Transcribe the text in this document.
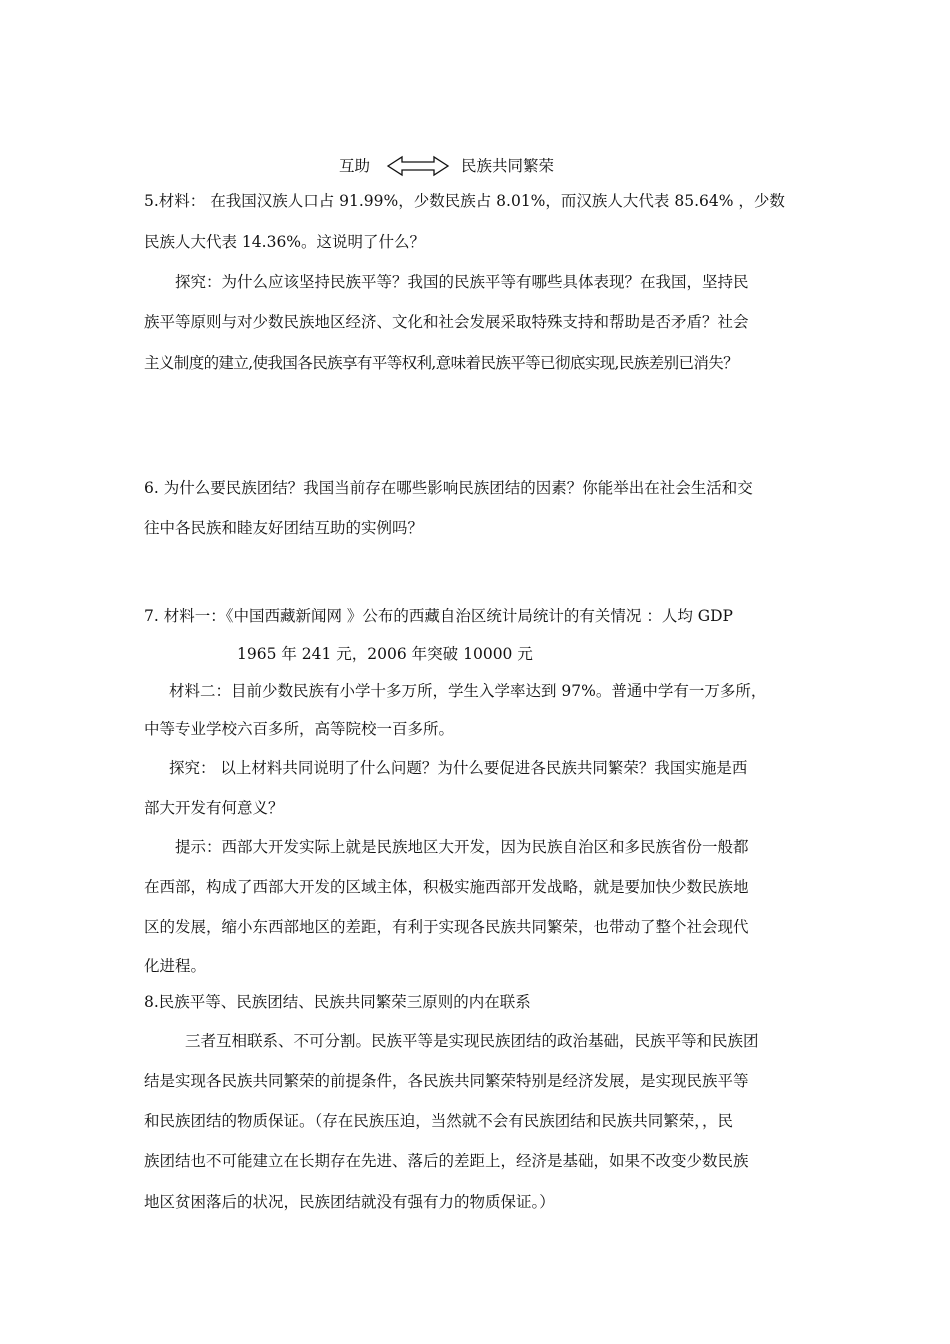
互助	民族共同繁荣
5.材料： 在我国汉族人口占 91.99%，少数民族占 8.01%，而汉族人大代表 85.64% ，少数
民族人大代表 14.36%。这说明了什么？
探究：为什么应该坚持民族平等？我国的民族平等有哪些具体表现？在我国，坚持民
族平等原则与对少数民族地区经济、文化和社会发展采取特殊支持和帮助是否矛盾？社会
主义制度的建立,使我国各民族享有平等权利,意味着民族平等已彻底实现,民族差别已消失？
6. 为什么要民族团结？我国当前存在哪些影响民族团结的因素？你能举出在社会生活和交
往中各民族和睦友好团结互助的实例吗？
7. 材料一：《中国西藏新闻网 》公布的西藏自治区统计局统计的有关情况 ：人均 GDP
1965 年 241 元，2006 年突破 10000 元
材料二：目前少数民族有小学十多万所，学生入学率达到 97%。普通中学有一万多所，
中等专业学校六百多所，高等院校一百多所。
探究： 以上材料共同说明了什么问题？为什么要促进各民族共同繁荣？我国实施是西
部大开发有何意义？
提示：西部大开发实际上就是民族地区大开发，因为民族自治区和多民族省份一般都
在西部，构成了西部大开发的区域主体，积极实施西部开发战略，就是要加快少数民族地
区的发展，缩小东西部地区的差距，有利于实现各民族共同繁荣，也带动了整个社会现代
化进程。
8.民族平等、民族团结、民族共同繁荣三原则的内在联系
三者互相联系、不可分割。民族平等是实现民族团结的政治基础，民族平等和民族团
结是实现各民族共同繁荣的前提条件，各民族共同繁荣特别是经济发展，是实现民族平等
和民族团结的物质保证。（存在民族压迫，当然就不会有民族团结和民族共同繁荣，，民
族团结也不可能建立在长期存在先进、落后的差距上，经济是基础，如果不改变少数民族
地区贫困落后的状况，民族团结就没有强有力的物质保证。）
